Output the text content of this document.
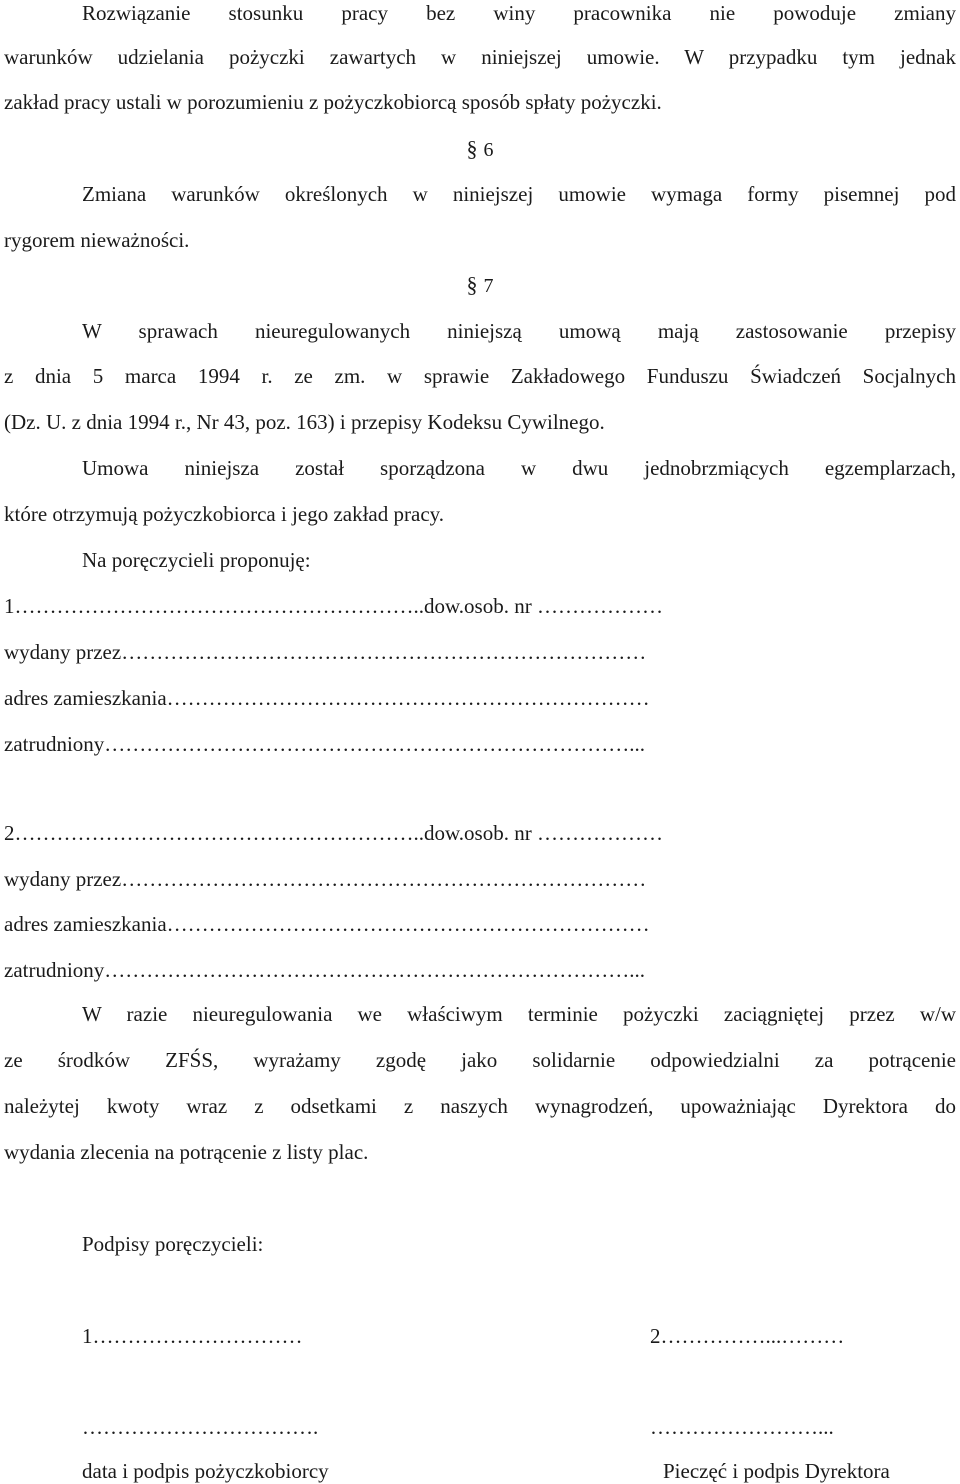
Rozwiązanie stosunku pracy bez winy pracownika nie powoduje zmiany
warunków udzielania pożyczki zawartych w niniejszej umowie. W przypadku tym jednak
zakład pracy ustali w porozumieniu z pożyczkobiorcą sposób spłaty pożyczki.
§ 6
Zmiana warunków określonych w niniejszej umowie wymaga formy pisemnej pod
rygorem nieważności.
§ 7
W sprawach nieuregulowanych niniejszą umową mają zastosowanie przepisy
z dnia 5 marca 1994 r. ze zm. w sprawie Zakładowego Funduszu Świadczeń Socjalnych
(Dz. U. z dnia 1994 r., Nr 43, poz. 163) i przepisy Kodeksu Cywilnego.
Umowa niniejsza został sporządzona w dwu jednobrzmiących egzemplarzach,
które otrzymują pożyczkobiorca i jego zakład pracy.
Na poręczycieli proponuję:
1…………………………………………………..dow.osob. nr ………………
wydany przez…………………………………………………………………
adres zamieszkania……………………………………………………………
zatrudniony…………………………………………………………………...
2…………………………………………………..dow.osob. nr ………………
wydany przez…………………………………………………………………
adres zamieszkania……………………………………………………………
zatrudniony…………………………………………………………………...
W razie nieuregulowania we właściwym terminie pożyczki zaciągniętej przez w/w
ze środków ZFŚS, wyrażamy zgodę jako solidarnie odpowiedzialni za potrącenie
należytej kwoty wraz z odsetkami z naszych wynagrodzeń, upoważniając Dyrektora do
wydania zlecenia na potrącenie z listy plac.
Podpisy poręczycieli:
1…………………………	2……………...………
…………………………….	……………………...
data i podpis pożyczkobiorcy	Pieczęć i podpis Dyrektora
